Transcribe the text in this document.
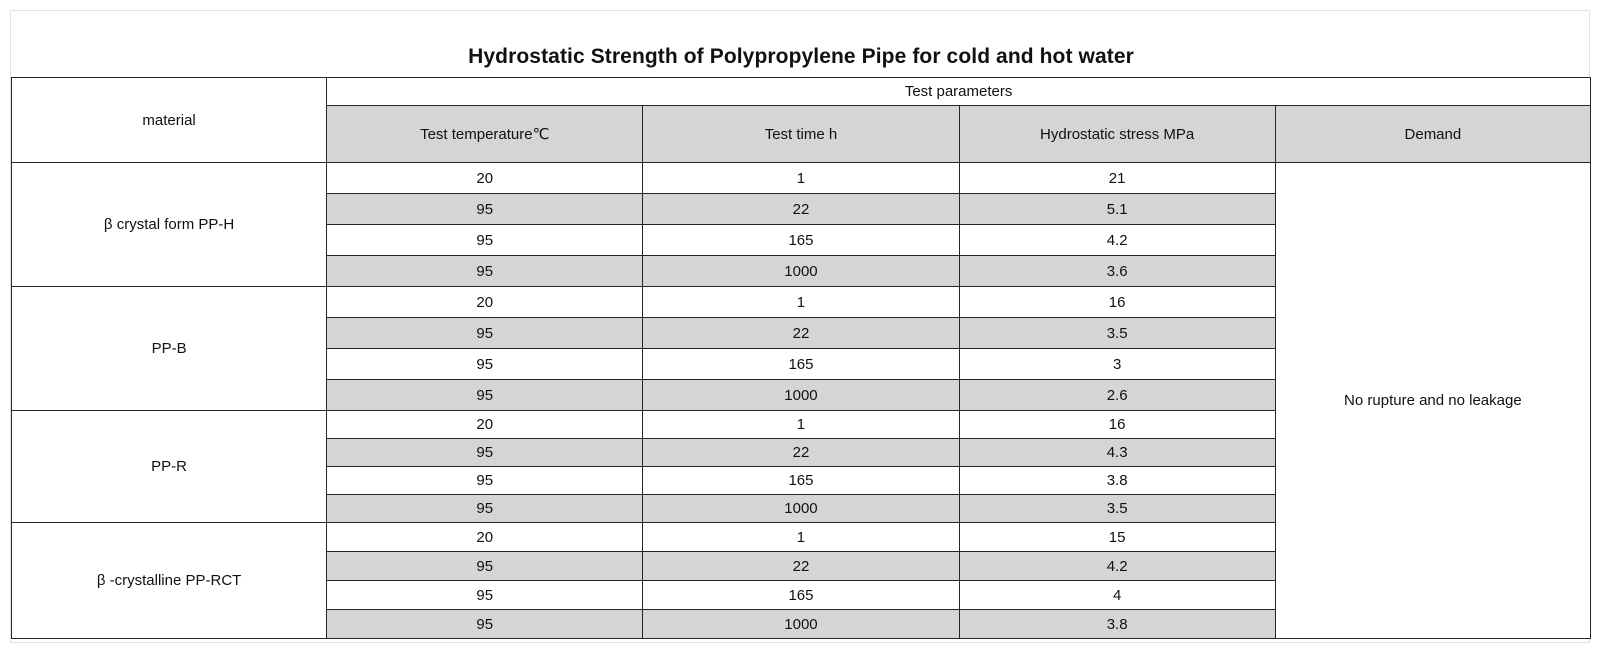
Hydrostatic Strength of Polypropylene Pipe for cold and hot water
material	Test parameters			
	Test temperature℃	Test time h	Hydrostatic stress MPa	Demand
β crystal form PP-H	20	1	21	No rupture and no leakage
	95	22	5.1	
	95	165	4.2	
	95	1000	3.6	
PP-B	20	1	16	
	95	22	3.5	
	95	165	3	
	95	1000	2.6	
PP-R	20	1	16	
	95	22	4.3	
	95	165	3.8	
	95	1000	3.5	
β -crystalline PP-RCT	20	1	15	
	95	22	4.2	
	95	165	4	
	95	1000	3.8	
